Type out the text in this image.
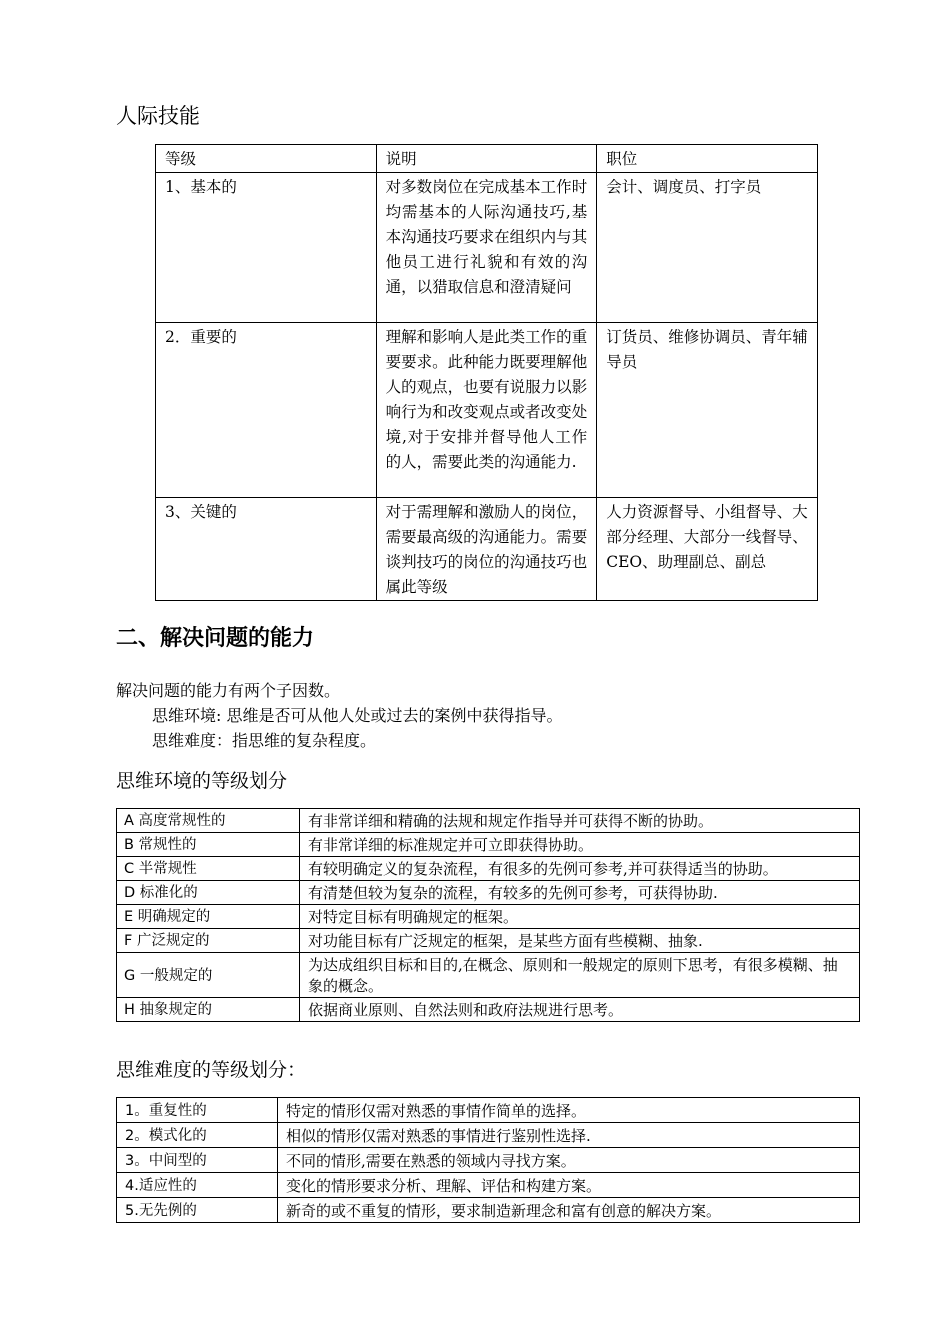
人际技能
等级	说明	职位
1、基本的	对多数岗位在完成基本工作时均需基本的人际沟通技巧,基本沟通技巧要求在组织内与其他员工进行礼貌和有效的沟通，以猎取信息和澄清疑问	会计、调度员、打字员
2．重要的	理解和影响人是此类工作的重要要求。此种能力既要理解他人的观点，也要有说服力以影响行为和改变观点或者改变处境,对于安排并督导他人工作的人，需要此类的沟通能力.	订货员、维修协调员、青年辅导员
3、关键的	对于需理解和激励人的岗位，需要最高级的沟通能力。需要谈判技巧的岗位的沟通技巧也属此等级	人力资源督导、小组督导、大部分经理、大部分一线督导、CEO、助理副总、副总
二、解决问题的能力
解决问题的能力有两个子因数。
思维环境: 思维是否可从他人处或过去的案例中获得指导。
思维难度：指思维的复杂程度。
思维环境的等级划分
A 高度常规性的	有非常详细和精确的法规和规定作指导并可获得不断的协助。
B 常规性的	有非常详细的标准规定并可立即获得协助。
C 半常规性	有较明确定义的复杂流程，有很多的先例可参考,并可获得适当的协助。
D 标准化的	有清楚但较为复杂的流程，有较多的先例可参考，可获得协助.
E 明确规定的	对特定目标有明确规定的框架。
F 广泛规定的	对功能目标有广泛规定的框架，是某些方面有些模糊、抽象.
G 一般规定的	为达成组织目标和目的,在概念、原则和一般规定的原则下思考，有很多模糊、抽象的概念。
H 抽象规定的	依据商业原则、自然法则和政府法规进行思考。
思维难度的等级划分：
1。重复性的	特定的情形仅需对熟悉的事情作简单的选择。
2。模式化的	相似的情形仅需对熟悉的事情进行鉴别性选择.
3。中间型的	不同的情形,需要在熟悉的领域内寻找方案。
4.适应性的	变化的情形要求分析、理解、评估和构建方案。
5.无先例的	新奇的或不重复的情形，要求制造新理念和富有创意的解决方案。
